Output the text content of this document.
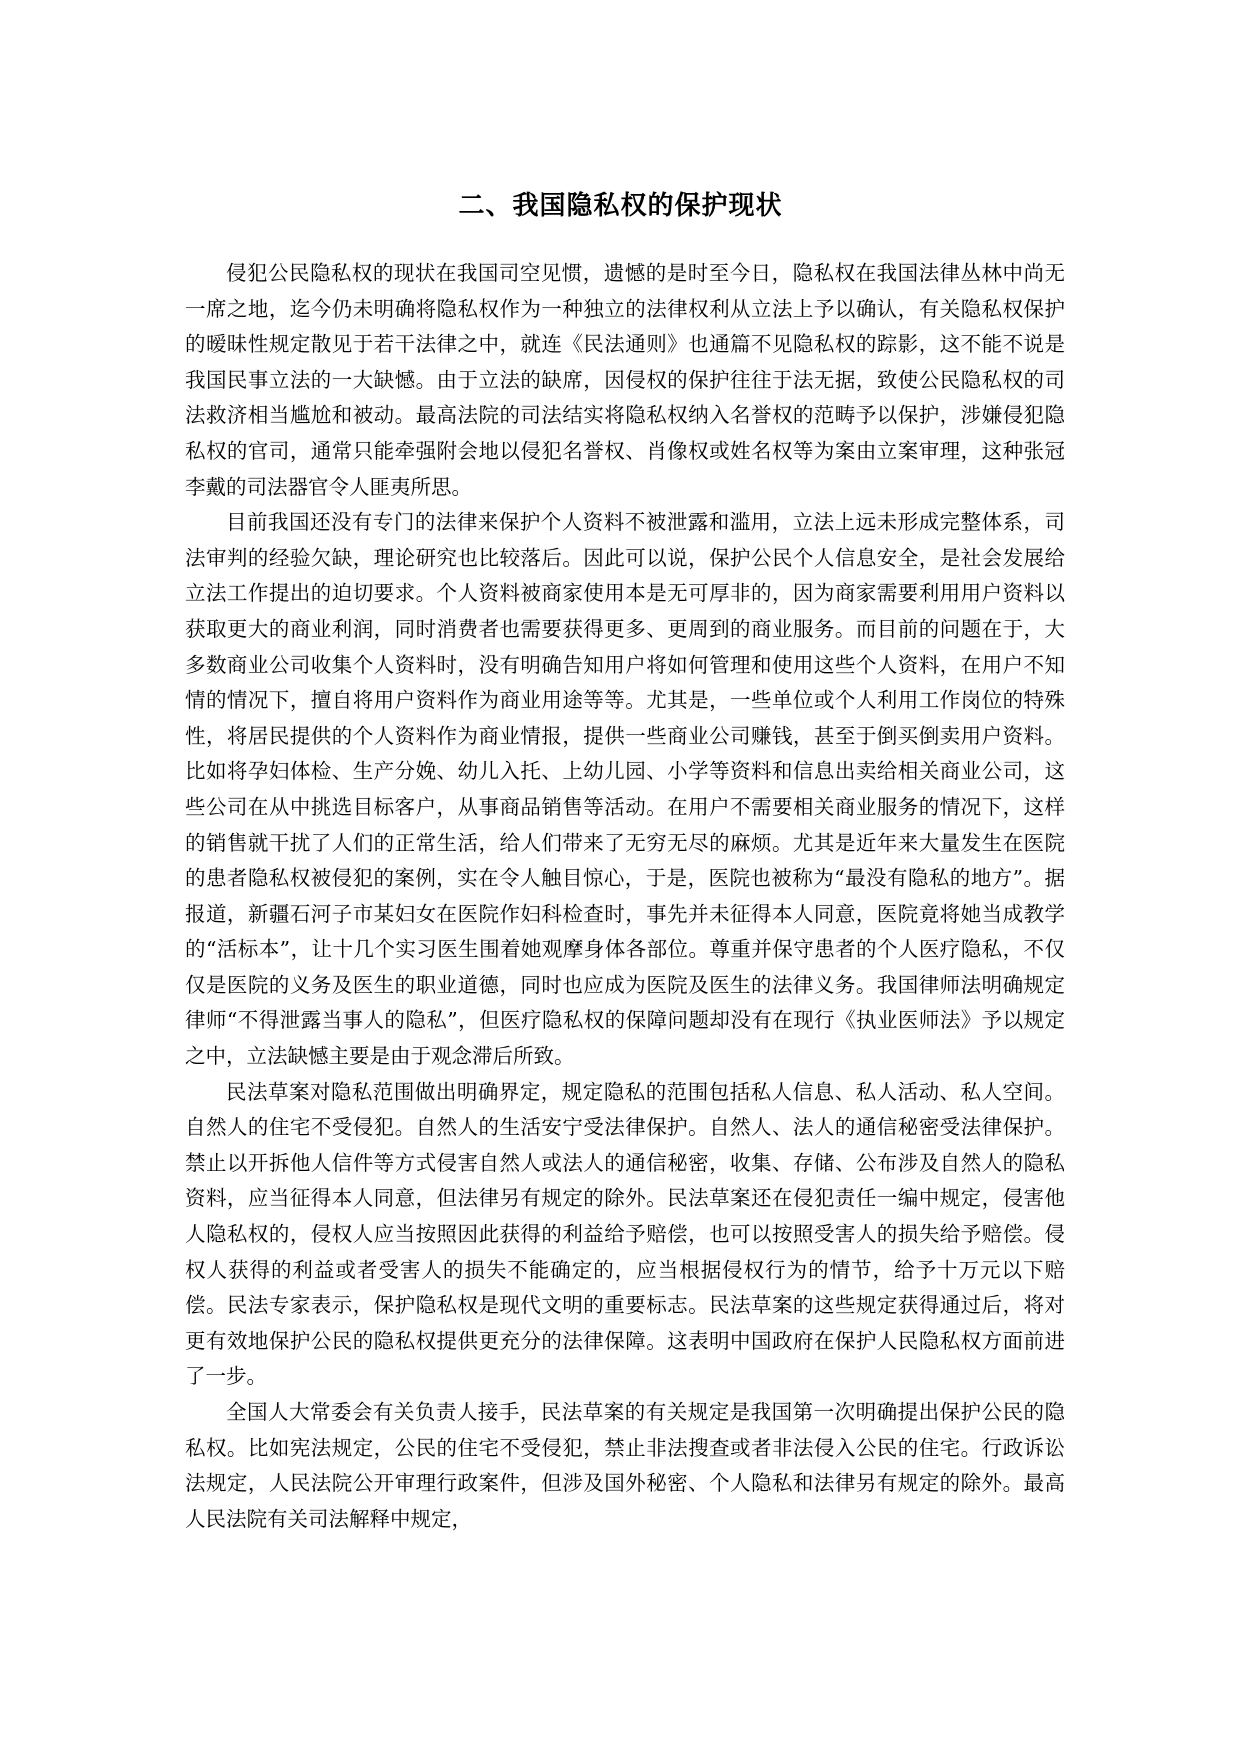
二、我国隐私权的保护现状

侵犯公民隐私权的现状在我国司空见惯，遗憾的是时至今日，隐私权在我国法律丛林中尚无一席之地，迄今仍未明确将隐私权作为一种独立的法律权利从立法上予以确认，有关隐私权保护的暧昧性规定散见于若干法律之中，就连《民法通则》也通篇不见隐私权的踪影，这不能不说是我国民事立法的一大缺憾。由于立法的缺席，因侵权的保护往往于法无据，致使公民隐私权的司法救济相当尴尬和被动。最高法院的司法结实将隐私权纳入名誉权的范畴予以保护，涉嫌侵犯隐私权的官司，通常只能牵强附会地以侵犯名誉权、肖像权或姓名权等为案由立案审理，这种张冠李戴的司法器官令人匪夷所思。

目前我国还没有专门的法律来保护个人资料不被泄露和滥用，立法上远未形成完整体系，司法审判的经验欠缺，理论研究也比较落后。因此可以说，保护公民个人信息安全，是社会发展给立法工作提出的迫切要求。个人资料被商家使用本是无可厚非的，因为商家需要利用用户资料以获取更大的商业利润，同时消费者也需要获得更多、更周到的商业服务。而目前的问题在于，大多数商业公司收集个人资料时，没有明确告知用户将如何管理和使用这些个人资料，在用户不知情的情况下，擅自将用户资料作为商业用途等等。尤其是，一些单位或个人利用工作岗位的特殊性，将居民提供的个人资料作为商业情报，提供一些商业公司赚钱，甚至于倒买倒卖用户资料。比如将孕妇体检、生产分娩、幼儿入托、上幼儿园、小学等资料和信息出卖给相关商业公司，这些公司在从中挑选目标客户，从事商品销售等活动。在用户不需要相关商业服务的情况下，这样的销售就干扰了人们的正常生活，给人们带来了无穷无尽的麻烦。尤其是近年来大量发生在医院的患者隐私权被侵犯的案例，实在令人触目惊心，于是，医院也被称为“最没有隐私的地方”。据报道，新疆石河子市某妇女在医院作妇科检查时，事先并未征得本人同意，医院竟将她当成教学的“活标本”，让十几个实习医生围着她观摩身体各部位。尊重并保守患者的个人医疗隐私，不仅仅是医院的义务及医生的职业道德，同时也应成为医院及医生的法律义务。我国律师法明确规定律师“不得泄露当事人的隐私”，但医疗隐私权的保障问题却没有在现行《执业医师法》予以规定之中，立法缺憾主要是由于观念滞后所致。

民法草案对隐私范围做出明确界定，规定隐私的范围包括私人信息、私人活动、私人空间。自然人的住宅不受侵犯。自然人的生活安宁受法律保护。自然人、法人的通信秘密受法律保护。禁止以开拆他人信件等方式侵害自然人或法人的通信秘密，收集、存储、公布涉及自然人的隐私资料，应当征得本人同意，但法律另有规定的除外。民法草案还在侵犯责任一编中规定，侵害他人隐私权的，侵权人应当按照因此获得的利益给予赔偿，也可以按照受害人的损失给予赔偿。侵权人获得的利益或者受害人的损失不能确定的，应当根据侵权行为的情节，给予十万元以下赔偿。民法专家表示，保护隐私权是现代文明的重要标志。民法草案的这些规定获得通过后，将对更有效地保护公民的隐私权提供更充分的法律保障。这表明中国政府在保护人民隐私权方面前进了一步。

全国人大常委会有关负责人接手，民法草案的有关规定是我国第一次明确提出保护公民的隐私权。比如宪法规定，公民的住宅不受侵犯，禁止非法搜查或者非法侵入公民的住宅。行政诉讼法规定，人民法院公开审理行政案件，但涉及国外秘密、个人隐私和法律另有规定的除外。最高人民法院有关司法解释中规定，
